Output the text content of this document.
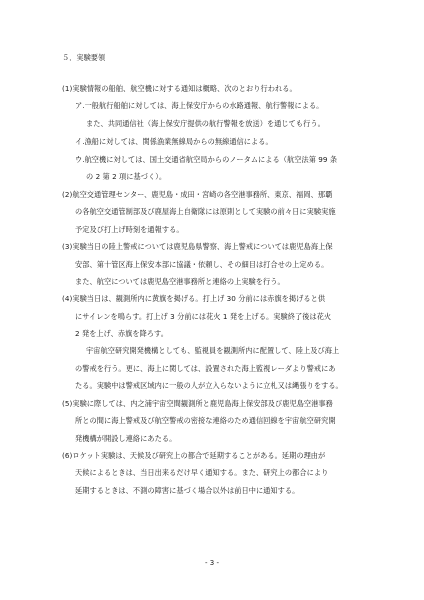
５．実験要領
(1)実験情報の船舶、航空機に対する通知は概略、次のとおり行われる。
ア.一般航行船舶に対しては、海上保安庁からの水路通報、航行警報による。
また、共同通信社（海上保安庁提供の航行警報を放送）を通じても行う。
イ.漁船に対しては、関係漁業無線局からの無線通信による。
ウ.航空機に対しては、国土交通省航空局からのノータムによる（航空法第 99 条
の 2 第 2 項に基づく）。
(2)航空交通管理センター、鹿児島・成田・宮崎の各空港事務所、東京、福岡、那覇
の各航空交通管制部及び鹿屋海上自衛隊には原則として実験の前々日に実験実施
予定及び打上げ時刻を通報する。
(3)実験当日の陸上警戒については鹿児島県警察、海上警戒については鹿児島海上保
安部、第十管区海上保安本部に協議・依頼し、その細目は打合せの上定める。
また、航空については鹿児島空港事務所と連絡の上実験を行う。
(4)実験当日は、観測所内に黄旗を掲げる。打上げ 30 分前には赤旗を掲げると供
にサイレンを鳴らす。打上げ 3 分前には花火 1 発を上げる。実験終了後は花火
2 発を上げ、赤旗を降ろす。
宇宙航空研究開発機構としても、監視員を観測所内に配置して、陸上及び海上
の警戒を行う。更に、海上に関しては、設置された海上監視レーダより警戒にあ
たる。実験中は警戒区域内に一般の人が立入らないように立札又は縄張りをする。
(5)実験に際しては、内之浦宇宙空間観測所と鹿児島海上保安部及び鹿児島空港事務
所との間に海上警戒及び航空警戒の密接な連絡のため通信回線を宇宙航空研究開
発機構が開設し連絡にあたる。
(6)ロケット実験は、天候及び研究上の都合で延期することがある。延期の理由が
天候によるときは、当日出来るだけ早く通知する。また、研究上の都合により
延期するときは、不測の障害に基づく場合以外は前日中に通知する。
- 3 -
